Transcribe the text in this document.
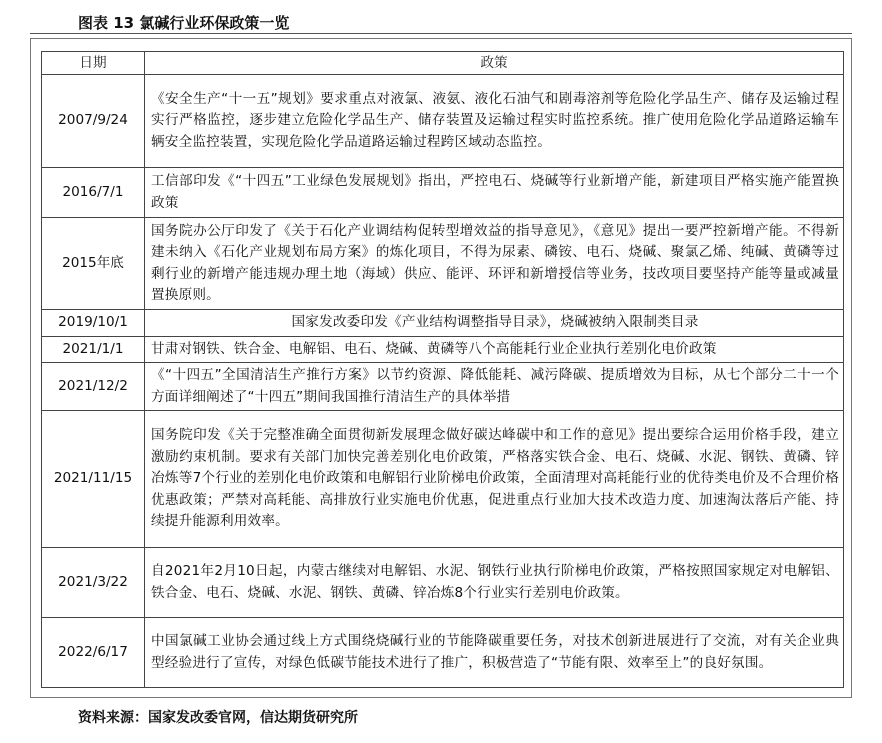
图表 13 氯碱行业环保政策一览
日期	政策
2007/9/24	《安全生产“十一五”规划》要求重点对液氯、液氨、液化石油气和剧毒溶剂等危险化学品生产、储存及运输过程实行严格监控，逐步建立危险化学品生产、储存装置及运输过程实时监控系统。推广使用危险化学品道路运输车辆安全监控装置，实现危险化学品道路运输过程跨区域动态监控。
2016/7/1	工信部印发《“十四五”工业绿色发展规划》指出，严控电石、烧碱等行业新增产能，新建项目严格实施产能置换政策
2015年底	国务院办公厅印发了《关于石化产业调结构促转型增效益的指导意见》，《意见》提出一要严控新增产能。不得新建未纳入《石化产业规划布局方案》的炼化项目，不得为尿素、磷铵、电石、烧碱、聚氯乙烯、纯碱、黄磷等过剩行业的新增产能违规办理土地（海域）供应、能评、环评和新增授信等业务，技改项目要坚持产能等量或减量置换原则。
2019/10/1	国家发改委印发《产业结构调整指导目录》，烧碱被纳入限制类目录
2021/1/1	甘肃对钢铁、铁合金、电解铝、电石、烧碱、黄磷等八个高能耗行业企业执行差别化电价政策
2021/12/2	《“十四五”全国清洁生产推行方案》以节约资源、降低能耗、减污降碳、提质增效为目标，从七个部分二十一个方面详细阐述了“十四五”期间我国推行清洁生产的具体举措
2021/11/15	国务院印发《关于完整准确全面贯彻新发展理念做好碳达峰碳中和工作的意见》提出要综合运用价格手段，建立激励约束机制。要求有关部门加快完善差别化电价政策，严格落实铁合金、电石、烧碱、水泥、钢铁、黄磷、锌冶炼等7个行业的差别化电价政策和电解铝行业阶梯电价政策，全面清理对高耗能行业的优待类电价及不合理价格优惠政策；严禁对高耗能、高排放行业实施电价优惠，促进重点行业加大技术改造力度、加速淘汰落后产能、持续提升能源利用效率。
2021/3/22	自2021年2月10日起，内蒙古继续对电解铝、水泥、钢铁行业执行阶梯电价政策，严格按照国家规定对电解铝、铁合金、电石、烧碱、水泥、钢铁、黄磷、锌冶炼8个行业实行差别电价政策。
2022/6/17	中国氯碱工业协会通过线上方式围绕烧碱行业的节能降碳重要任务，对技术创新进展进行了交流，对有关企业典型经验进行了宣传，对绿色低碳节能技术进行了推广，积极营造了“节能有限、效率至上”的良好氛围。
资料来源：国家发改委官网，信达期货研究所
